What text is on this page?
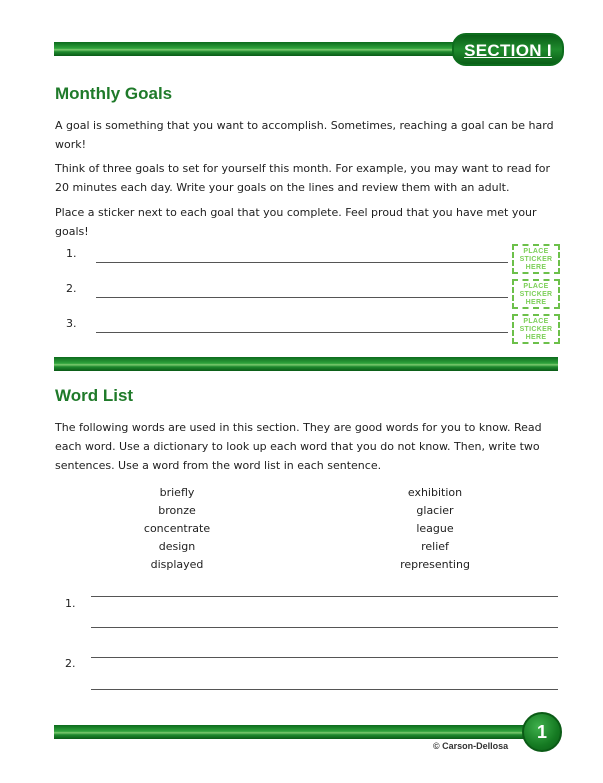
SECTION I
Monthly Goals

A goal is something that you want to accomplish. Sometimes, reaching a goal can be hard work!

Think of three goals to set for yourself this month. For example, you may want to read for 20 minutes each day. Write your goals on the lines and review them with an adult.

Place a sticker next to each goal that you complete. Feel proud that you have met your goals!

1.	PLACE
STICKER
HERE
2.	PLACE
STICKER
HERE
3.	PLACE
STICKER
HERE
Word List

The following words are used in this section. They are good words for you to know. Read each word. Use a dictionary to look up each word that you do not know. Then, write two sentences. Use a word from the word list in each sentence.

briefly
bronze
concentrate
design
displayed
exhibition
glacier
league
relief
representing
1.
2.
1
© Carson-Dellosa
